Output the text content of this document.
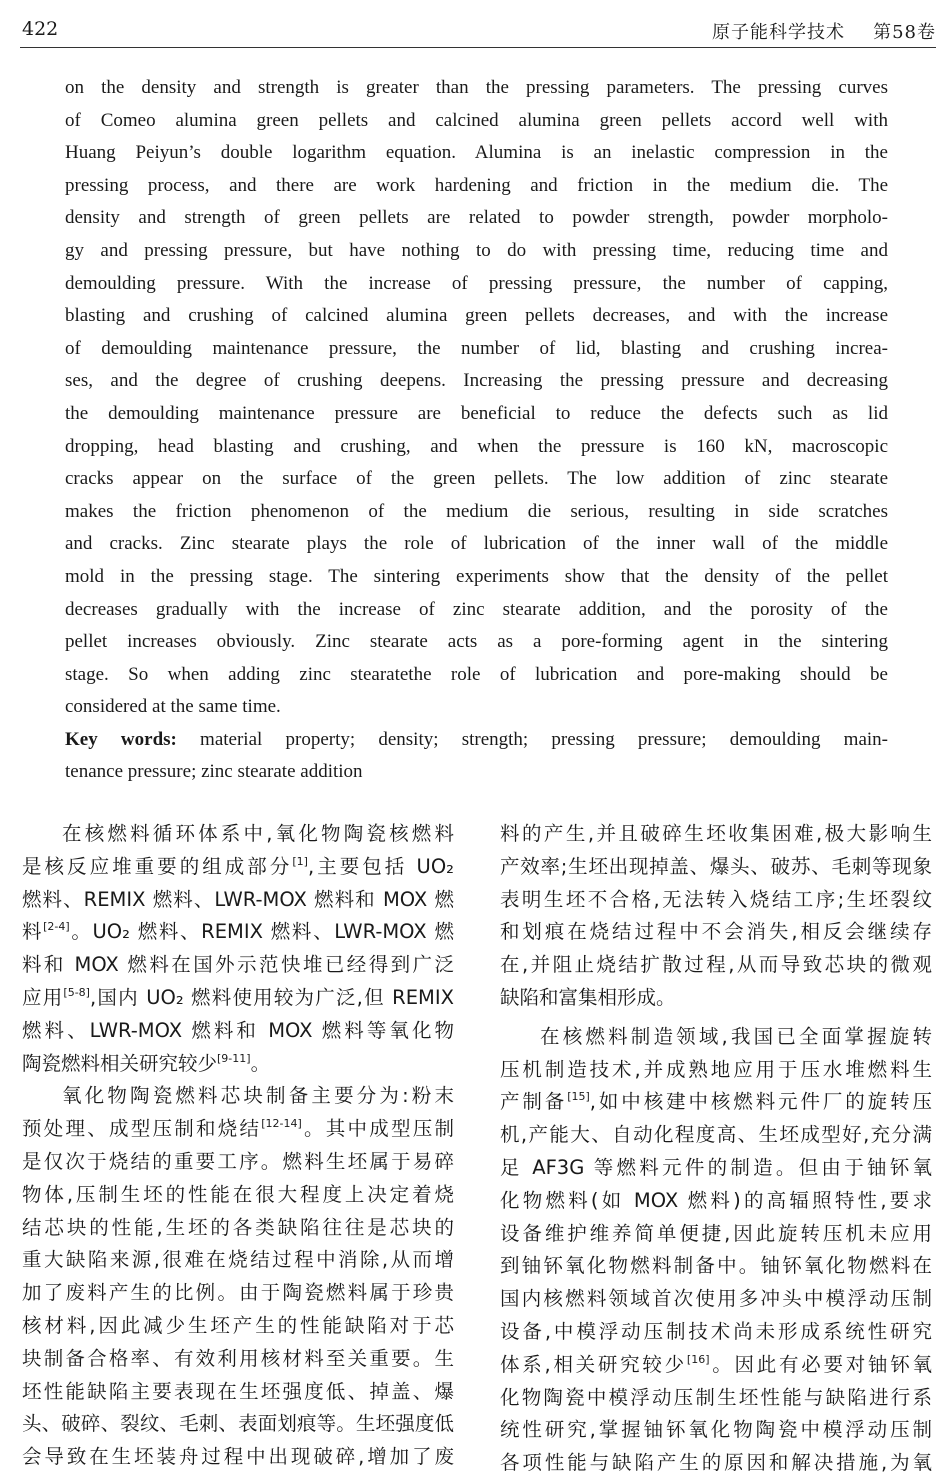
422	原子能科学技术 第58卷
on the density and strength is greater than the pressing parameters. The pressing curves
of Comeo alumina green pellets and calcined alumina green pellets accord well with
Huang Peiyun’s double logarithm equation. Alumina is an inelastic compression in the
pressing process, and there are work hardening and friction in the medium die. The
density and strength of green pellets are related to powder strength, powder morpholo-
gy and pressing pressure, but have nothing to do with pressing time, reducing time and
demoulding pressure. With the increase of pressing pressure, the number of capping,
blasting and crushing of calcined alumina green pellets decreases, and with the increase
of demoulding maintenance pressure, the number of lid, blasting and crushing increa-
ses, and the degree of crushing deepens. Increasing the pressing pressure and decreasing
the demoulding maintenance pressure are beneficial to reduce the defects such as lid
dropping, head blasting and crushing, and when the pressure is 160 kN, macroscopic
cracks appear on the surface of the green pellets. The low addition of zinc stearate
makes the friction phenomenon of the medium die serious, resulting in side scratches
and cracks. Zinc stearate plays the role of lubrication of the inner wall of the middle
mold in the pressing stage. The sintering experiments show that the density of the pellet
decreases gradually with the increase of zinc stearate addition, and the porosity of the
pellet increases obviously. Zinc stearate acts as a pore-forming agent in the sintering
stage. So when adding zinc stearatethe role of lubrication and pore-making should be
considered at the same time.
Key words: material property; density; strength; pressing pressure; demoulding main-
tenance pressure; zinc stearate addition
在核燃料循环体系中,氧化物陶瓷核燃料
是核反应堆重要的组成部分[1],主要包括 UO₂
燃料、REMIX 燃料、LWR-MOX 燃料和 MOX 燃
料[2-4]。UO₂ 燃料、REMIX 燃料、LWR-MOX 燃
料和 MOX 燃料在国外示范快堆已经得到广泛
应用[5-8],国内 UO₂ 燃料使用较为广泛,但 REMIX
燃料、LWR-MOX 燃料和 MOX 燃料等氧化物
陶瓷燃料相关研究较少[9-11]。
氧化物陶瓷燃料芯块制备主要分为:粉末
预处理、成型压制和烧结[12-14]。其中成型压制
是仅次于烧结的重要工序。燃料生坯属于易碎
物体,压制生坯的性能在很大程度上决定着烧
结芯块的性能,生坯的各类缺陷往往是芯块的
重大缺陷来源,很难在烧结过程中消除,从而增
加了废料产生的比例。由于陶瓷燃料属于珍贵
核材料,因此减少生坯产生的性能缺陷对于芯
块制备合格率、有效利用核材料至关重要。生
坯性能缺陷主要表现在生坯强度低、掉盖、爆
头、破碎、裂纹、毛刺、表面划痕等。生坯强度低
会导致在生坯装舟过程中出现破碎,增加了废
料的产生,并且破碎生坯收集困难,极大影响生
产效率;生坯出现掉盖、爆头、破苏、毛刺等现象
表明生坯不合格,无法转入烧结工序;生坯裂纹
和划痕在烧结过程中不会消失,相反会继续存
在,并阻止烧结扩散过程,从而导致芯块的微观
缺陷和富集相形成。
在核燃料制造领域,我国已全面掌握旋转
压机制造技术,并成熟地应用于压水堆燃料生
产制备[15],如中核建中核燃料元件厂的旋转压
机,产能大、自动化程度高、生坯成型好,充分满
足 AF3G 等燃料元件的制造。但由于铀钚氧
化物燃料(如 MOX 燃料)的高辐照特性,要求
设备维护维养简单便捷,因此旋转压机未应用
到铀钚氧化物燃料制备中。铀钚氧化物燃料在
国内核燃料领域首次使用多冲头中模浮动压制
设备,中模浮动压制技术尚未形成系统性研究
体系,相关研究较少[16]。因此有必要对铀钚氧
化物陶瓷中模浮动压制生坯性能与缺陷进行系
统性研究,掌握铀钚氧化物陶瓷中模浮动压制
各项性能与缺陷产生的原因和解决措施,为氧
